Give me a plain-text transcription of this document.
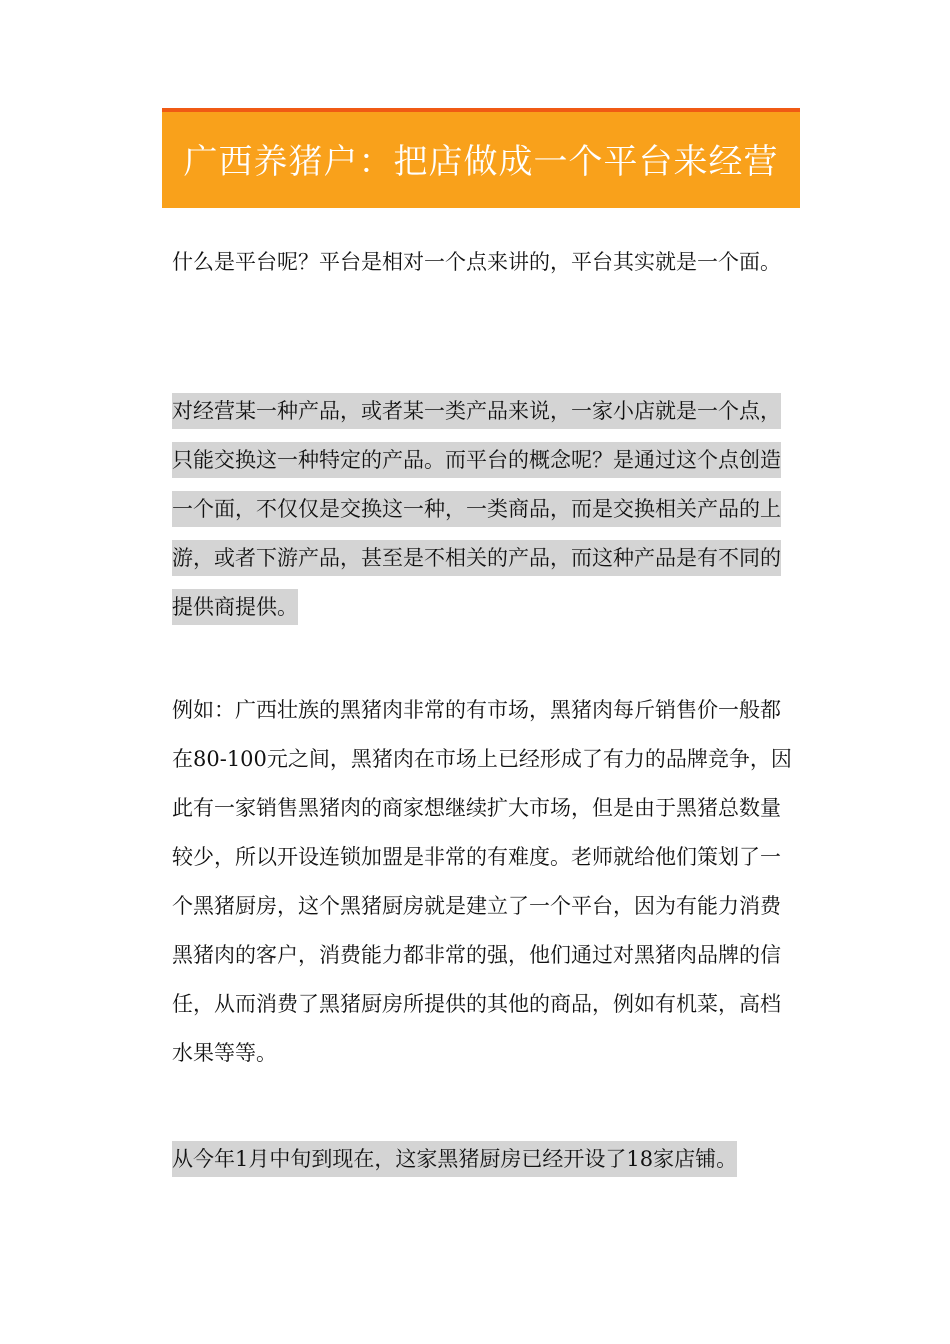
广西养猪户：把店做成一个平台来经营

什么是平台呢？平台是相对一个点来讲的，平台其实就是一个面。

对经营某一种产品，或者某一类产品来说，一家小店就是一个点，只能交换这一种特定的产品。而平台的概念呢？是通过这个点创造一个面，不仅仅是交换这一种，一类商品，而是交换相关产品的上游，或者下游产品，甚至是不相关的产品，而这种产品是有不同的提供商提供。

例如：广西壮族的黑猪肉非常的有市场，黑猪肉每斤销售价一般都在80-100元之间，黑猪肉在市场上已经形成了有力的品牌竞争，因此有一家销售黑猪肉的商家想继续扩大市场，但是由于黑猪总数量较少，所以开设连锁加盟是非常的有难度。老师就给他们策划了一个黑猪厨房，这个黑猪厨房就是建立了一个平台，因为有能力消费黑猪肉的客户，消费能力都非常的强，他们通过对黑猪肉品牌的信任，从而消费了黑猪厨房所提供的其他的商品，例如有机菜，高档水果等等。

从今年1月中旬到现在，这家黑猪厨房已经开设了18家店铺。
